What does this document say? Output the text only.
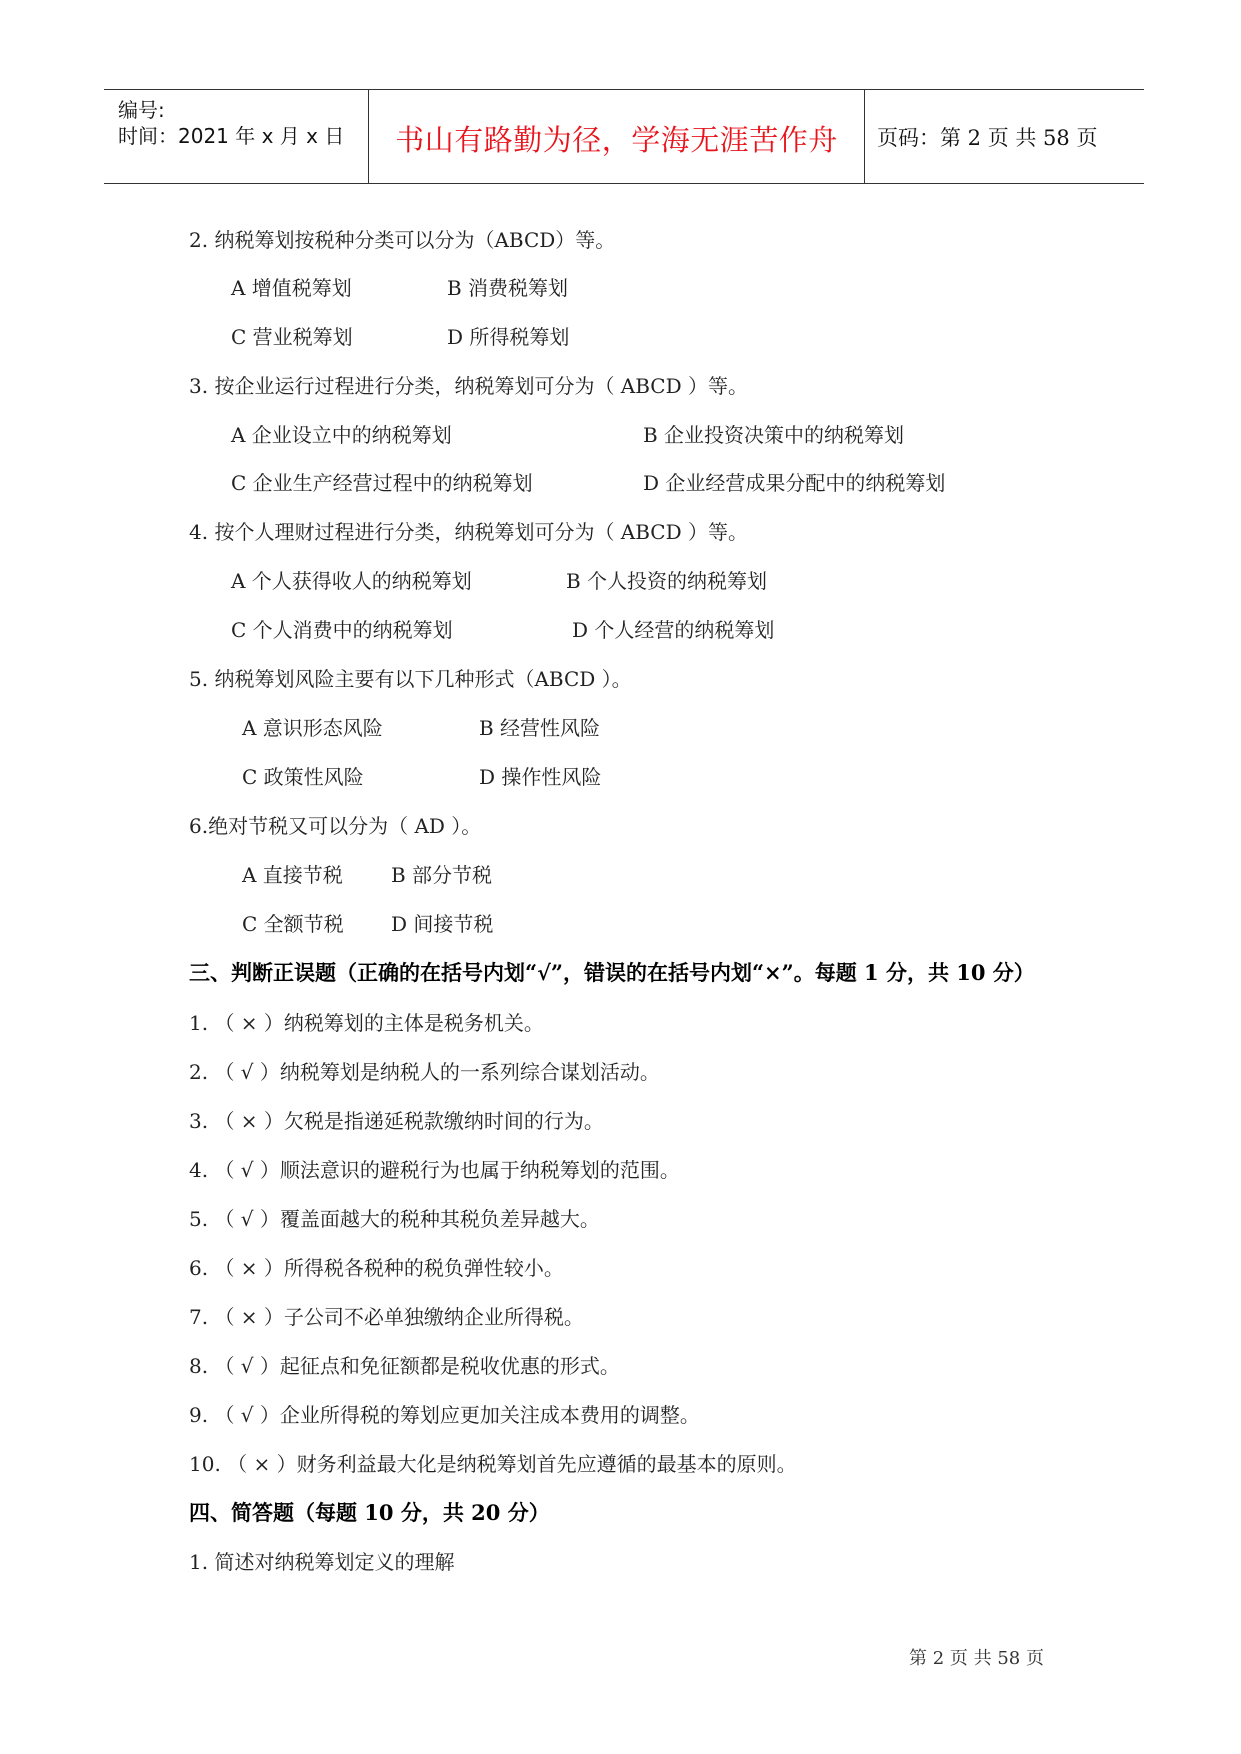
编号:
时间：2021 年 x 月 x 日	书山有路勤为径，学海无涯苦作舟	页码：第 2 页 共 58 页
2. 纳税筹划按税种分类可以分为（ABCD）等。
A 增值税筹划	B 消费税筹划
C 营业税筹划	D 所得税筹划
3. 按企业运行过程进行分类，纳税筹划可分为（ ABCD ）等。
A 企业设立中的纳税筹划	B 企业投资决策中的纳税筹划
C 企业生产经营过程中的纳税筹划	D 企业经营成果分配中的纳税筹划
4. 按个人理财过程进行分类，纳税筹划可分为（ ABCD ）等。
A 个人获得收人的纳税筹划	B 个人投资的纳税筹划
C 个人消费中的纳税筹划	D 个人经营的纳税筹划
5. 纳税筹划风险主要有以下几种形式（ABCD ）。
A 意识形态风险	B 经营性风险
C 政策性风险	D 操作性风险
6.绝对节税又可以分为（ AD ）。
A 直接节税 B 部分节税
C 全额节税 D 间接节税
三、判断正误题（正确的在括号内划“√”，错误的在括号内划“×”。每题 1 分，共 10 分）
1. （ × ）纳税筹划的主体是税务机关。
2. （ √ ）纳税筹划是纳税人的一系列综合谋划活动。
3. （ × ）欠税是指递延税款缴纳时间的行为。
4. （ √ ）顺法意识的避税行为也属于纳税筹划的范围。
5. （ √ ）覆盖面越大的税种其税负差异越大。
6. （ × ）所得税各税种的税负弹性较小。
7. （ × ）子公司不必单独缴纳企业所得税。
8. （ √ ）起征点和免征额都是税收优惠的形式。
9. （ √ ）企业所得税的筹划应更加关注成本费用的调整。
10. （ × ）财务利益最大化是纳税筹划首先应遵循的最基本的原则。
四、简答题（每题 10 分，共 20 分）
1. 简述对纳税筹划定义的理解
第 2 页 共 58 页
